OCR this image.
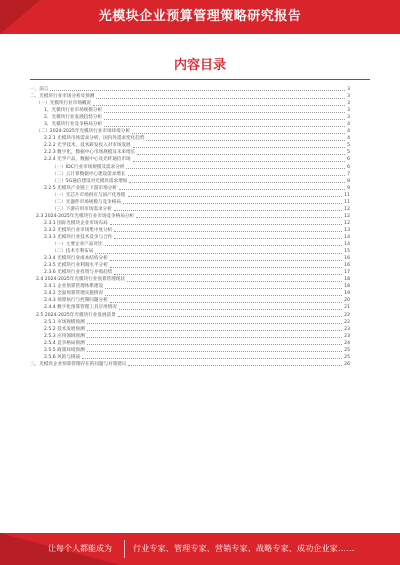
光模块企业预算管理策略研究报告
内容目录
一、前言	3
二、光模块行业市场分析及预测	3
（一）光模块行业市场概况	3
1、光模块行业市场规模分析	3
2、光模块行业发展趋势分析	3
3、光模块行业竞争格局分析	4
（二）2024-2025年光模块行业市场环境分析	4
2.2.1 光模块市场需求分析，国内外需求变化趋势	4
2.2.2 光学技术，技术研发投入对市场发展	5
2.2.3 数字化，数据中心市场规模及未来增长	5
2.2.4 光学产品，数据中心及光纤通信市场	6
（一）IDC行业市场规模及需求分析	6
（二）云计算数据中心建设需求增长	7
（三）5G通信建设对光模块需求增加	8
2.2.5 光模块产业链上下游市场分析	9
（一）光芯片市场供应与国产化进程	11
（二）光器件市场规模与竞争格局	11
（三）下游应用市场需求分析	12
2.3 2024-2025年光模块行业市场竞争格局分析	12
2.3.1 国际光模块企业市场布局	12
2.3.2 光模块行业市场集中度分析	13
2.3.3 光模块行业技术竞争与合作	14
（一）主要企业产品对比	14
（二）技术专利布局	15
2.3.4 光模块行业成本结构分析	16
2.3.5 光模块行业利润水平分析	16
2.3.6 光模块行业投资与并购趋势	17
2.4 2024-2025年光模块行业预算管理现状	18
2.4.1 企业预算管理体系建设	18
2.4.2 全面预算管理实施情况	19
2.4.3 预算执行与控制问题分析	20
2.4.4 数字化预算管理工具应用情况	21
2.5 2024-2025年光模块行业发展前景	22
2.5.1 市场规模预测	22
2.5.2 技术发展预测	23
2.5.3 应用领域预测	23
2.5.4 竞争格局预测	24
2.5.5 政策环境预测	25
2.5.6 风险与挑战	25
三、光模块企业预算管理存在的问题与对策建议	26
让每个人都能成为	行业专家、管理专家、营销专家、战略专家、成功企业家……
